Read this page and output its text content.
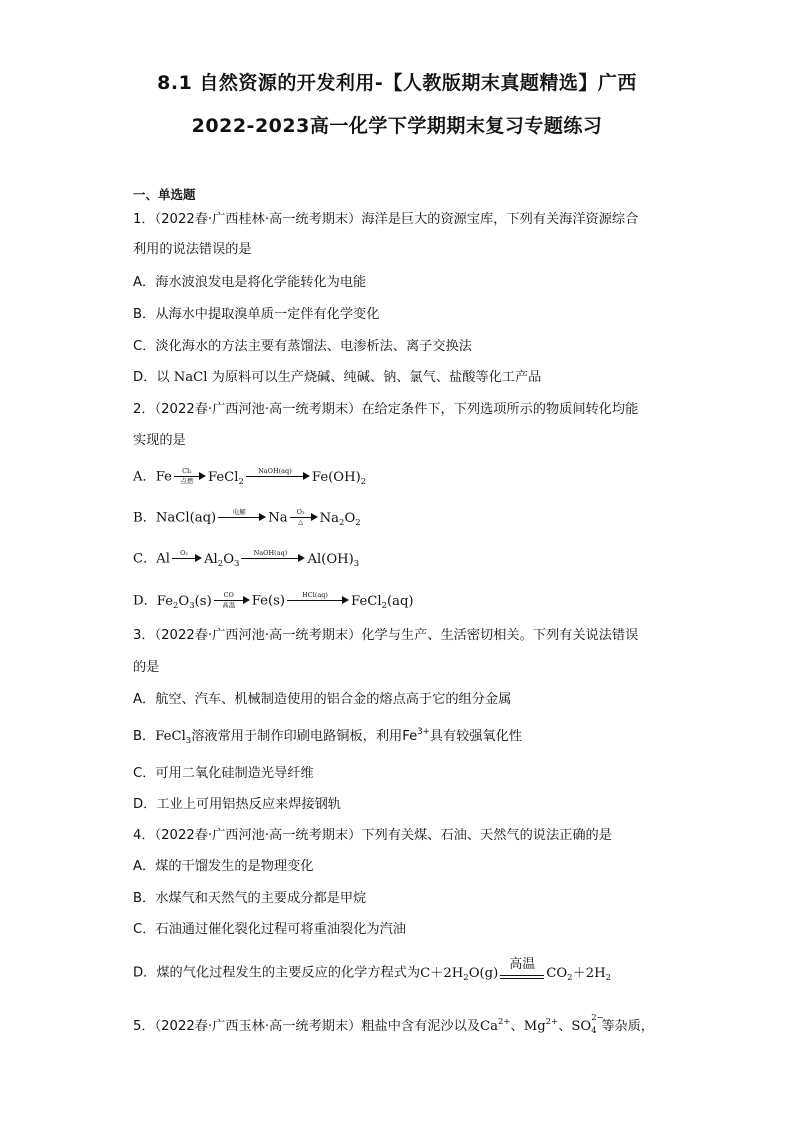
8.1 自然资源的开发利用-【人教版期末真题精选】广西
2022-2023高一化学下学期期末复习专题练习
一、单选题
1．（2022春·广西桂林·高一统考期末）海洋是巨大的资源宝库，下列有关海洋资源综合
利用的说法错误的是
A．海水波浪发电是将化学能转化为电能
B．从海水中提取溴单质一定伴有化学变化
C．淡化海水的方法主要有蒸馏法、电渗析法、离子交换法
D．以 NaCl 为原料可以生产烧碱、纯碱、钠、氯气、盐酸等化工产品
2．（2022春·广西河池·高一统考期末）在给定条件下，下列选项所示的物质间转化均能
实现的是
A．Fe	Cl₂
点燃	FeCl$_2$
NaOH(aq)	$Fe(OH)_2$
B．NaCl(aq)	电解	Na	O₂
△	$Na_2O_2$
C．Al	O₂	$Al_2O_3$
NaOH(aq)	$Al(OH)_3$
D．$Fe_2O_3(s)$	CO
高温	Fe(s)	HCl(aq)	FeCl$_2$(aq)
3．（2022春·广西河池·高一统考期末）化学与生产、生活密切相关。下列有关说法错误
的是
A．航空、汽车、机械制造使用的铝合金的熔点高于它的组分金属
B．FeCl$_3$溶液常用于制作印刷电路铜板，利用$Fe^{3+}$具有较强氧化性
C．可用二氧化硅制造光导纤维
D．工业上可用铝热反应来焊接钢轨
4．（2022春·广西河池·高一统考期末）下列有关煤、石油、天然气的说法正确的是
A．煤的干馏发生的是物理变化
B．水煤气和天然气的主要成分都是甲烷
C．石油通过催化裂化过程可将重油裂化为汽油
D．煤的气化过程发生的主要反应的化学方程式为$C+2H_2O(g)$
高温
$CO_2+2H_2$
5．（2022春·广西玉林·高一统考期末）粗盐中含有泥沙以及$Ca^{2+}$、$Mg^{2+}$、SO
2−
4 等杂质，
